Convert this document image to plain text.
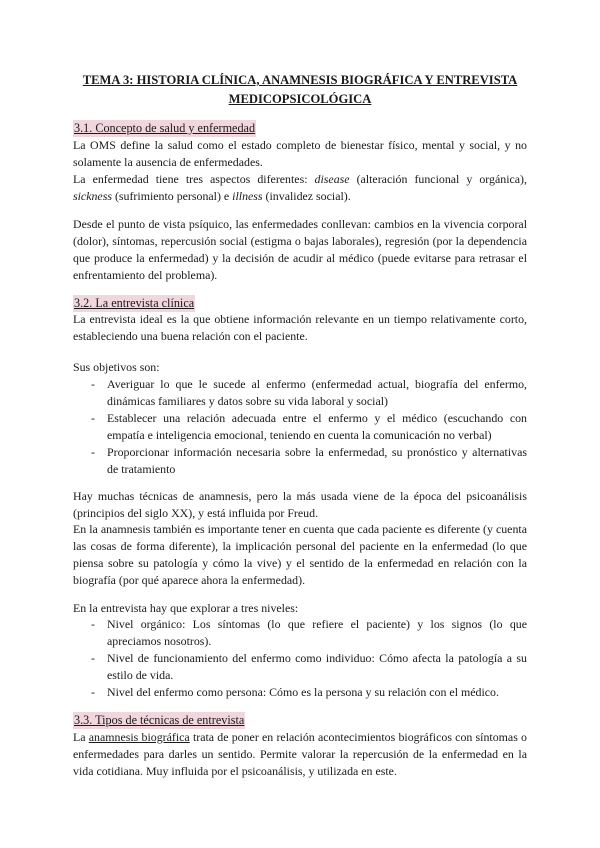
TEMA 3: HISTORIA CLÍNICA, ANAMNESIS BIOGRÁFICA Y ENTREVISTA
MEDICOPSICOLÓGICA
3.1. Concepto de salud y enfermedad

La OMS define la salud como el estado completo de bienestar físico, mental y social, y no solamente la ausencia de enfermedades.

La enfermedad tiene tres aspectos diferentes: disease (alteración funcional y orgánica), sickness (sufrimiento personal) e illness (invalidez social).

Desde el punto de vista psíquico, las enfermedades conllevan: cambios en la vivencia corporal (dolor), síntomas, repercusión social (estigma o bajas laborales), regresión (por la dependencia que produce la enfermedad) y la decisión de acudir al médico (puede evitarse para retrasar el enfrentamiento del problema).

3.2. La entrevista clínica

La entrevista ideal es la que obtiene información relevante en un tiempo relativamente corto, estableciendo una buena relación con el paciente.

Sus objetivos son:

- Averiguar lo que le sucede al enfermo (enfermedad actual, biografía del enfermo, dinámicas familiares y datos sobre su vida laboral y social)
- Establecer una relación adecuada entre el enfermo y el médico (escuchando con empatía e inteligencia emocional, teniendo en cuenta la comunicación no verbal)
- Proporcionar información necesaria sobre la enfermedad, su pronóstico y alternativas de tratamiento

Hay muchas técnicas de anamnesis, pero la más usada viene de la época del psicoanálisis (principios del siglo XX), y está influida por Freud.

En la anamnesis también es importante tener en cuenta que cada paciente es diferente (y cuenta las cosas de forma diferente), la implicación personal del paciente en la enfermedad (lo que piensa sobre su patología y cómo la vive) y el sentido de la enfermedad en relación con la biografía (por qué aparece ahora la enfermedad).

En la entrevista hay que explorar a tres niveles:

- Nivel orgánico: Los síntomas (lo que refiere el paciente) y los signos (lo que apreciamos nosotros).
- Nivel de funcionamiento del enfermo como individuo: Cómo afecta la patología a su estilo de vida.
- Nivel del enfermo como persona: Cómo es la persona y su relación con el médico.
3.3. Tipos de técnicas de entrevista

La anamnesis biográfica trata de poner en relación acontecimientos biográficos con síntomas o enfermedades para darles un sentido. Permite valorar la repercusión de la enfermedad en la vida cotidiana. Muy influida por el psicoanálisis, y utilizada en este.
